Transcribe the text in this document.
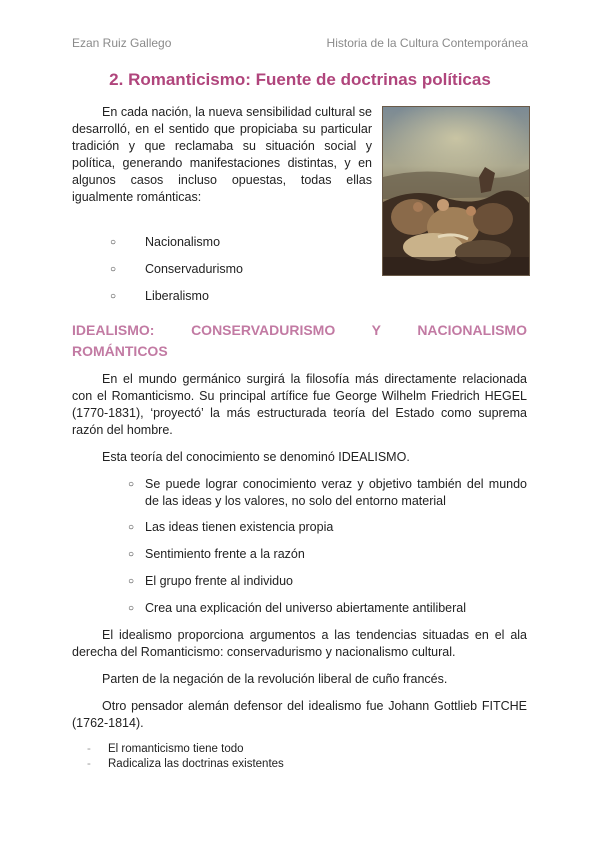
Ezan Ruiz Gallego	Historia de la Cultura Contemporánea
2. Romanticismo: Fuente de doctrinas políticas
En cada nación, la nueva sensibilidad cultural se desarrolló, en el sentido que propiciaba su particular tradición y que reclamaba su situación social y política, generando manifestaciones distintas, y en algunos casos incluso opuestas, todas ellas igualmente románticas:
○ Nacionalismo
○ Conservadurismo
○ Liberalismo
IDEALISMO: CONSERVADURISMO Y NACIONALISMO
ROMÁNTICOS
En el mundo germánico surgirá la filosofía más directamente relacionada con el Romanticismo. Su principal artífice fue George Wilhelm Friedrich HEGEL (1770-1831), ‘proyectó’ la más estructurada teoría del Estado como suprema razón del hombre.
Esta teoría del conocimiento se denominó IDEALISMO.
○ Se puede lograr conocimiento veraz y objetivo también del mundo de las ideas y los valores, no solo del entorno material
○ Las ideas tienen existencia propia
○ Sentimiento frente a la razón
○ El grupo frente al individuo
○ Crea una explicación del universo abiertamente antiliberal
El idealismo proporciona argumentos a las tendencias situadas en el ala derecha del Romanticismo: conservadurismo y nacionalismo cultural.
Parten de la negación de la revolución liberal de cuño francés.
Otro pensador alemán defensor del idealismo fue Johann Gottlieb FITCHE (1762-1814).
- El romanticismo tiene todo
- Radicaliza las doctrinas existentes
